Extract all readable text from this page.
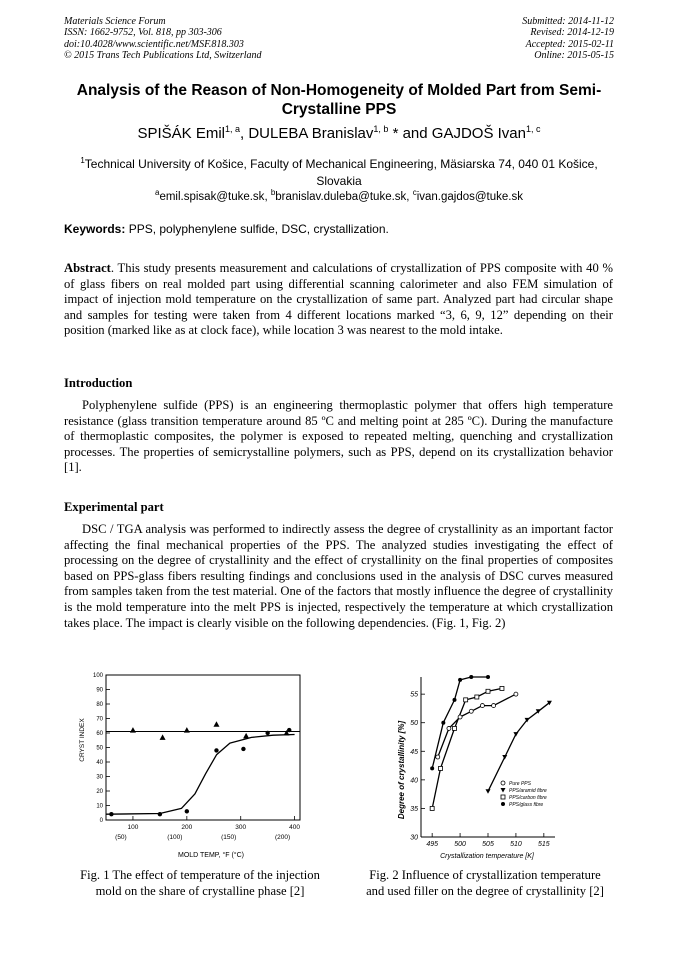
Materials Science Forum
ISSN: 1662-9752, Vol. 818, pp 303-306
doi:10.4028/www.scientific.net/MSF.818.303
© 2015 Trans Tech Publications Ltd, Switzerland
Submitted: 2014-11-12
Revised: 2014-12-19
Accepted: 2015-02-11
Online: 2015-05-15
Analysis of the Reason of Non-Homogeneity of Molded Part from Semi-
Crystalline PPS
SPIŠÁK Emil$^{1, a}$, DULEBA Branislav$^{1, b}$ * and GAJDOŠ Ivan$^{1, c}$
$^1$Technical University of Košice, Faculty of Mechanical Engineering, Mäsiarska 74, 040 01 Košice, Slovakia
$^a$emil.spisak@tuke.sk, $^b$branislav.duleba@tuke.sk, $^c$ivan.gajdos@tuke.sk
Keywords: PPS, polyphenylene sulfide, DSC, crystallization.
Abstract. This study presents measurement and calculations of crystallization of PPS composite with 40 % of glass fibers on real molded part using differential scanning calorimeter and also FEM simulation of impact of injection mold temperature on the crystallization of same part. Analyzed part had circular shape and samples for testing were taken from 4 different locations marked “3, 6, 9, 12” depending on their position (marked like as at clock face), while location 3 was nearest to the mold intake.
Introduction
Polyphenylene sulfide (PPS) is an engineering thermoplastic polymer that offers high temperature resistance (glass transition temperature around 85 ºC and melting point at 285 ºC). During the manufacture of thermoplastic composites, the polymer is exposed to repeated melting, quenching and crystallization processes. The properties of semicrystalline polymers, such as PPS, depend on its crystallization behavior [1].
Experimental part
DSC / TGA analysis was performed to indirectly assess the degree of crystallinity as an important factor affecting the final mechanical properties of the PPS. The analyzed studies investigating the effect of processing on the degree of crystallinity and the effect of crystallinity on the final properties of composites based on PPS-glass fibers resulting findings and conclusions used in the analysis of DSC curves measured from samples taken from the test material. One of the factors that mostly influence the degree of crystallinity is the mold temperature into the melt PPS is injected, respectively the temperature at which crystallization takes place. The impact is clearly visible on the following dependencies. (Fig. 1, Fig. 2)
CRYST INDEX
MOLD TEMP, °F (°C)
0
10
20
30
40
50
60
70
80
90
100
100
(50)
200
(100)
300
(150)
400
(200)
Degree of crystallinity [%]
Crystallization temperature [K]
30
35
40
45
50
55
495 500 505 510 515
Pure PPS
PPS/aramid fibre
PPS/carbon fibre
PPS/glass fibre
Fig. 1 The effect of temperature of the injection
mold on the share of crystalline phase [2]
Fig. 2 Influence of crystallization temperature
and used filler on the degree of crystallinity [2]
